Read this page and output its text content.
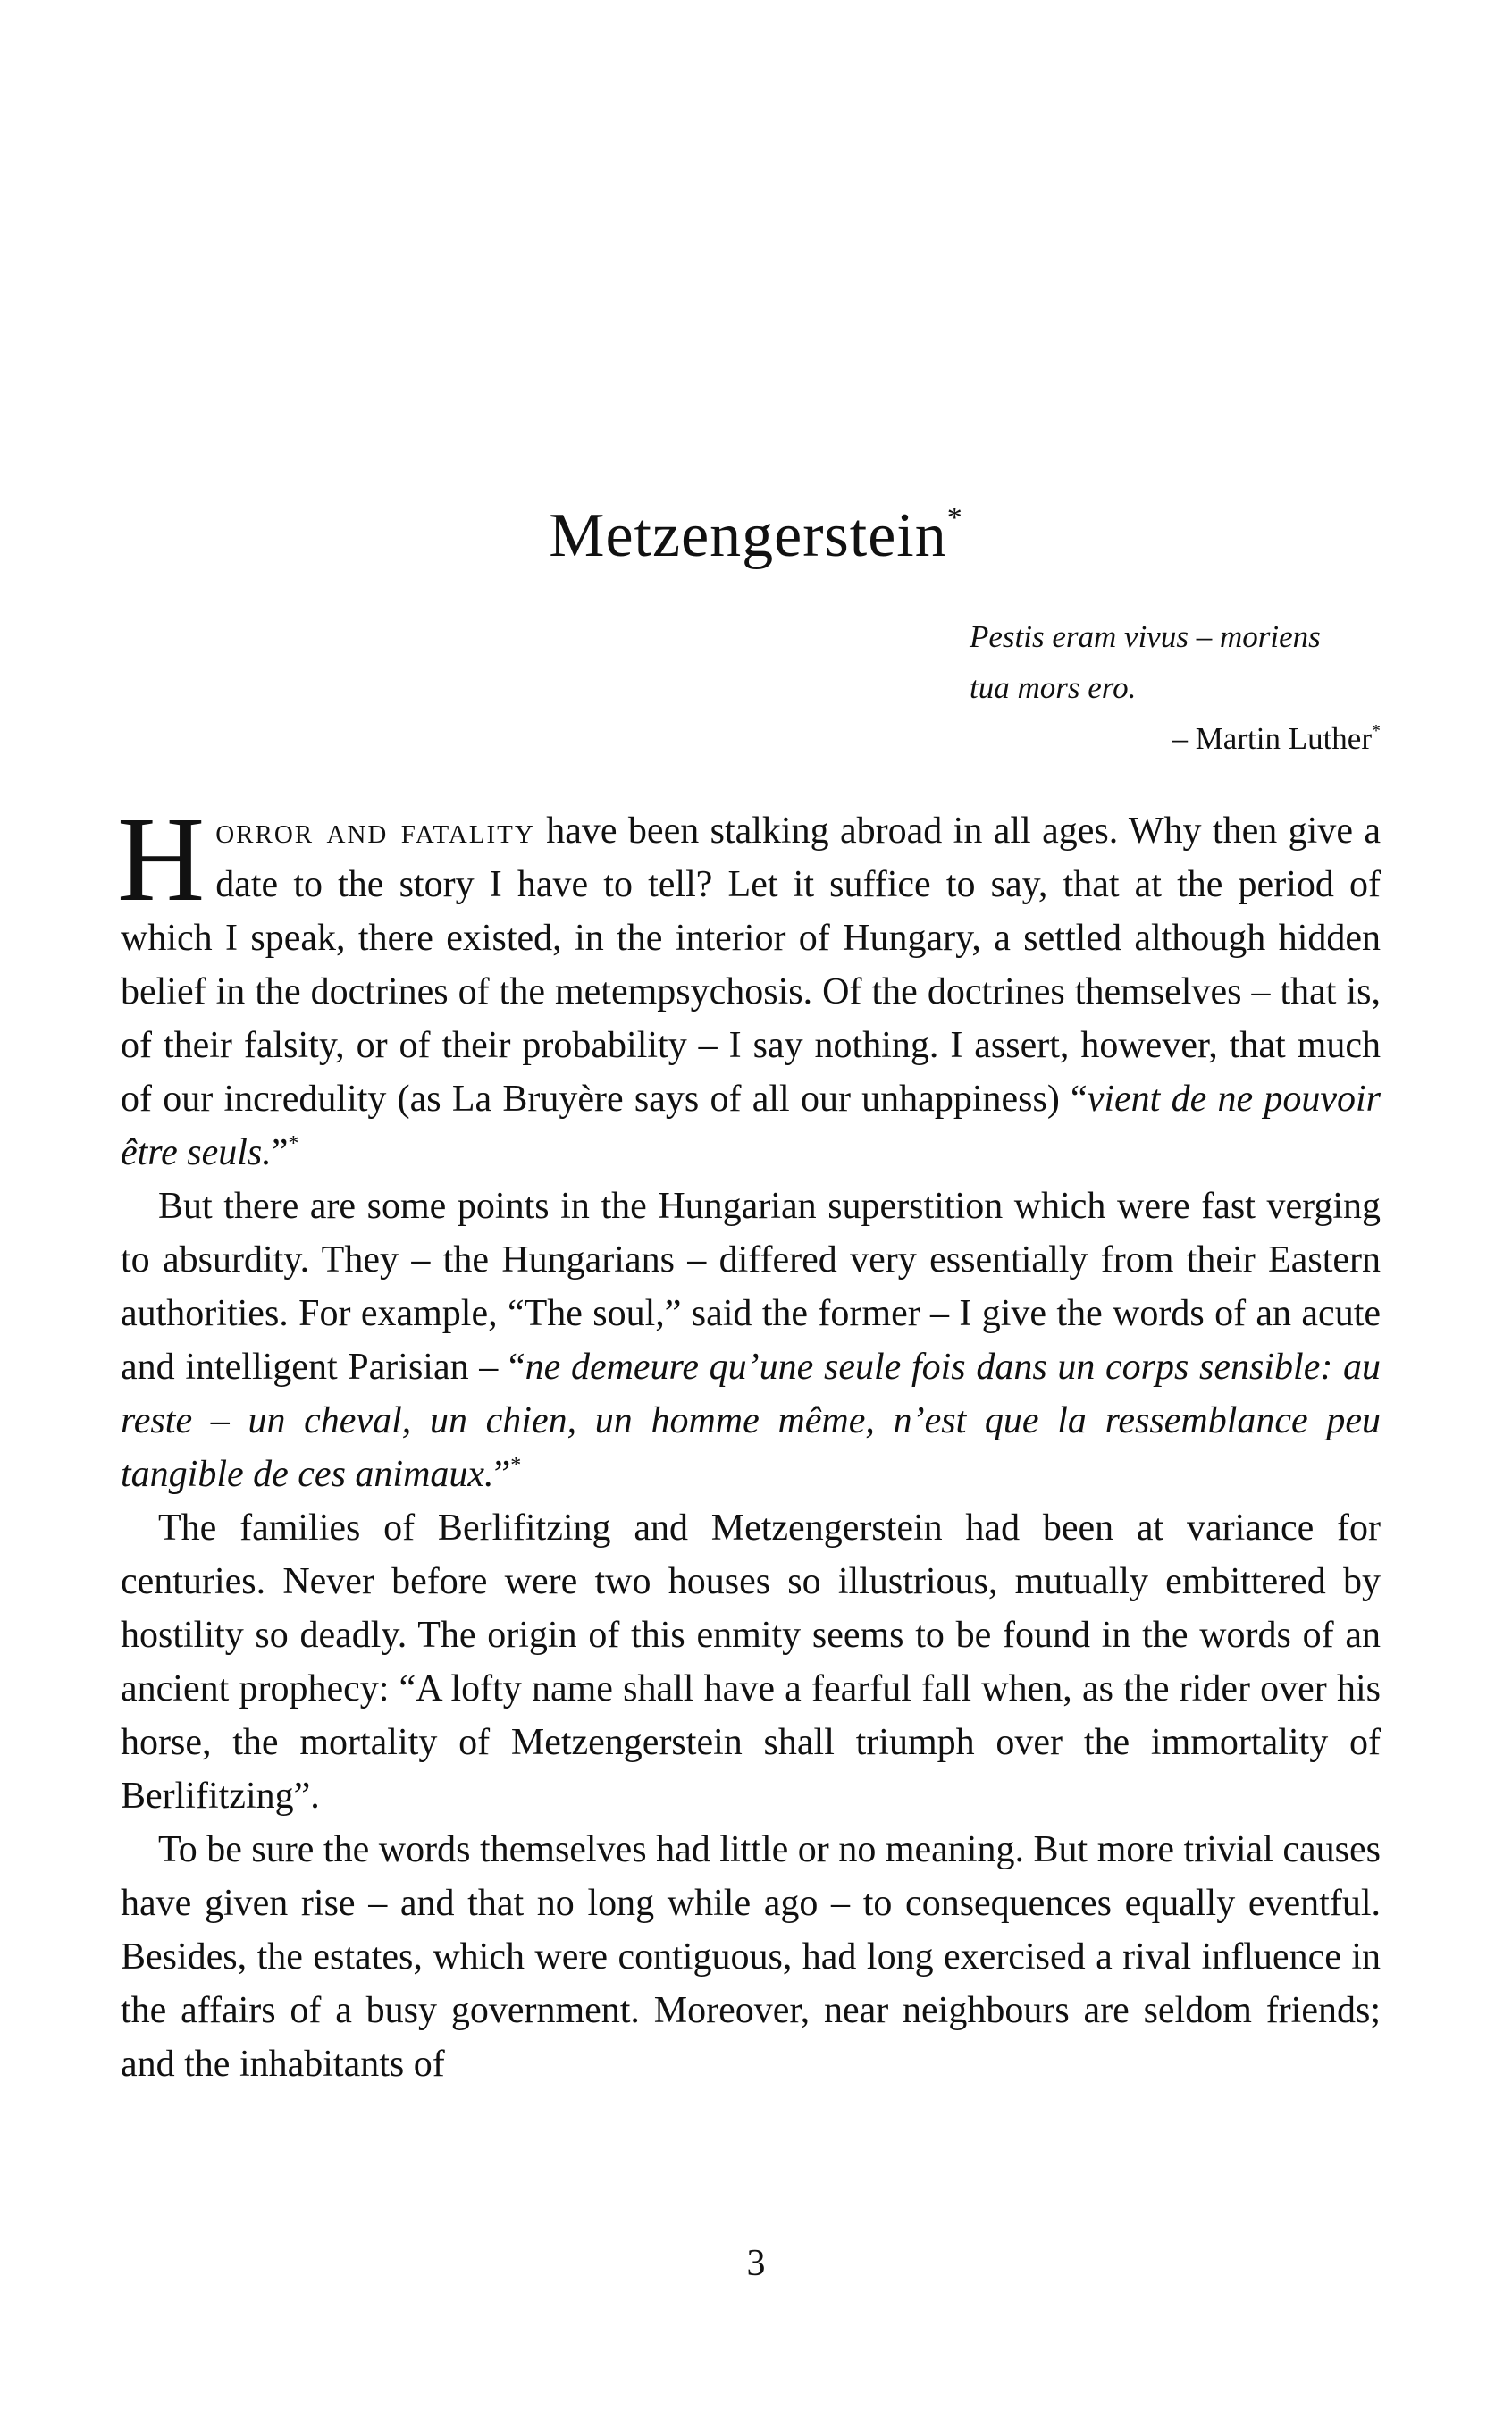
Metzengerstein*
Pestis eram vivus – moriens
tua mors ero.
– Martin Luther*

Horror and fatality have been stalking abroad in all ages. Why then give a date to the story I have to tell? Let it suffice to say, that at the period of which I speak, there existed, in the interior of Hungary, a settled although hidden belief in the doctrines of the metempsychosis. Of the doctrines themselves – that is, of their falsity, or of their probability – I say nothing. I assert, however, that much of our incredulity (as La Bruyère says of all our unhappiness) “vient de ne pouvoir être seuls.”*

But there are some points in the Hungarian superstition which were fast verging to absurdity. They – the Hungarians – differed very essentially from their Eastern authorities. For example, “The soul,” said the former – I give the words of an acute and intelligent Parisian – “ne demeure qu’une seule fois dans un corps sensible: au reste – un cheval, un chien, un homme même, n’est que la ressemblance peu tangible de ces animaux.”*

The families of Berlifitzing and Metzengerstein had been at variance for centuries. Never before were two houses so illustrious, mutually embittered by hostility so deadly. The origin of this enmity seems to be found in the words of an ancient prophecy: “A lofty name shall have a fearful fall when, as the rider over his horse, the mortality of Metzengerstein shall triumph over the immortality of Berlifitzing”.

To be sure the words themselves had little or no meaning. But more trivial causes have given rise – and that no long while ago – to consequences equally eventful. Besides, the estates, which were contiguous, had long exercised a rival influence in the affairs of a busy government. Moreover, near neighbours are seldom friends; and the inhabitants of

3
